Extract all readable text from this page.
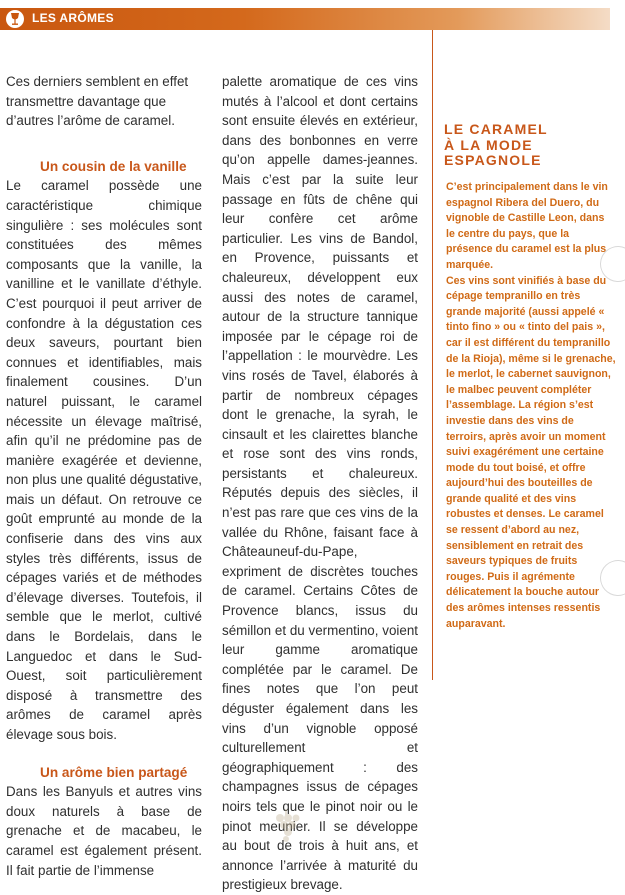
LES ARÔMES

Ces derniers semblent en effet transmettre davantage que d’autres l’arôme de caramel.

Un cousin de la vanille

Le caramel possède une caractéristique chimique singulière : ses molécules sont constituées des mêmes composants que la vanille, la vanilline et le vanillate d’éthyle. C’est pourquoi il peut arriver de confondre à la dégustation ces deux saveurs, pourtant bien connues et identifiables, mais finalement cousines. D’un naturel puissant, le caramel nécessite un élevage maîtrisé, afin qu’il ne prédomine pas de manière exagérée et devienne, non plus une qualité dégustative, mais un défaut. On retrouve ce goût emprunté au monde de la confiserie dans des vins aux styles très différents, issus de cépages variés et de méthodes d’élevage diverses. Toutefois, il semble que le merlot, cultivé dans le Bordelais, dans le Languedoc et dans le Sud-Ouest, soit particulièrement disposé à transmettre des arômes de caramel après élevage sous bois.

Un arôme bien partagé

Dans les Banyuls et autres vins doux naturels à base de grenache et de macabeu, le caramel est également présent. Il fait partie de l’immense

palette aromatique de ces vins mutés à l’alcool et dont certains sont ensuite élevés en extérieur, dans des bonbonnes en verre qu’on appelle dames-jeannes. Mais c’est par la suite leur passage en fûts de chêne qui leur confère cet arôme particulier. Les vins de Bandol, en Provence, puissants et chaleureux, développent eux aussi des notes de caramel, autour de la structure tannique imposée par le cépage roi de l’appellation : le mourvèdre. Les vins rosés de Tavel, élaborés à partir de nombreux cépages dont le grenache, la syrah, le cinsault et les clairettes blanche et rose sont des vins ronds, persistants et chaleureux. Réputés depuis des siècles, il n’est pas rare que ces vins de la vallée du Rhône, faisant face à Châteauneuf-du-Pape, expriment de discrètes touches de caramel. Certains Côtes de Provence blancs, issus du sémillon et du vermentino, voient leur gamme aromatique complétée par le caramel. De fines notes que l’on peut déguster également dans les vins d’un vignoble opposé culturellement et géographiquement : des champagnes issus de cépages noirs tels que le pinot noir ou le pinot meunier. Il se développe au bout de trois à huit ans, et annonce l’arrivée à maturité du prestigieux brevage.

LE CARAMEL
À LA MODE
ESPAGNOLE

C’est principalement dans le vin espagnol Ribera del Duero, du vignoble de Castille Leon, dans le centre du pays, que la présence du caramel est la plus marquée.

Ces vins sont vinifiés à base du cépage tempranillo en très grande majorité (aussi appelé « tinto fino » ou « tinto del pais », car il est différent du tempranillo de la Rioja), même si le grenache, le merlot, le cabernet sauvignon, le malbec peuvent compléter l’assemblage. La région s’est investie dans des vins de terroirs, après avoir un moment suivi exagérément une certaine mode du tout boisé, et offre aujourd’hui des bouteilles de grande qualité et des vins robustes et denses. Le caramel se ressent d’abord au nez, sensiblement en retrait des saveurs typiques de fruits rouges. Puis il agrémente délicatement la bouche autour des arômes intenses ressentis auparavant.
